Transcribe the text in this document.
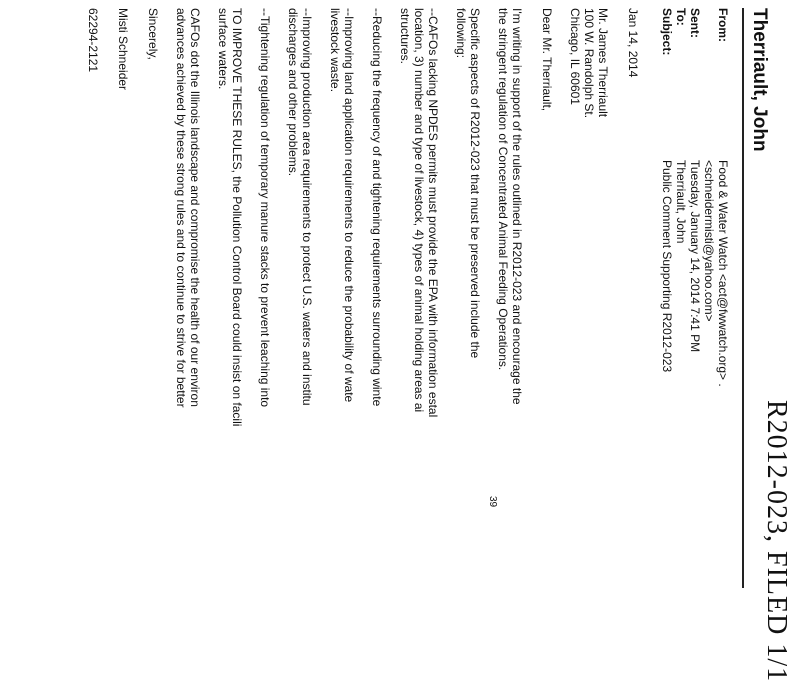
R2012-023, FILED 1/1
Therriault, John
From:
Food & Water Watch <act@fwwatch.org> .
<schneidermisti@yahoo.com>
Sent:
Tuesday, January 14, 2014 7:41 PM
To:
Therriault, John
Subject:
Public Comment Supporting R2012-023
Jan 14, 2014
Mr. James Therriault
100 W. Randolph St.
Chicago, IL 60601
Dear Mr. Therriault,
I'm writing in support of the rules outlined in R2012-023 and encourage the
the stringent regulation of Concentrated Animal Feeding Operations.
Specific aspects of R2012-023 that must be preserved include the
following:
--CAFOs lacking NPDES permits must provide the EPA with information estal
location, 3) number and type of livestock, 4) types of animal holding areas ai
structures.
--Reducing the frequency of and tightening requirements surrounding winte
--Improving land application requirements to reduce the probability of wate
livestock waste.
--Improving production area requirements to protect U.S. waters and institu
discharges and other problems.
--Tightening regulation of temporary manure stacks to prevent leaching into
TO IMPROVE THESE RULES, the Pollution Control Board could insist on facili
surface waters.
CAFOs dot the Illinois landscape and compromise the health of our environ
advances achieved by these strong rules and to continue to strive for better
Sincerely,
Misti Schneider
62294-2121
39
